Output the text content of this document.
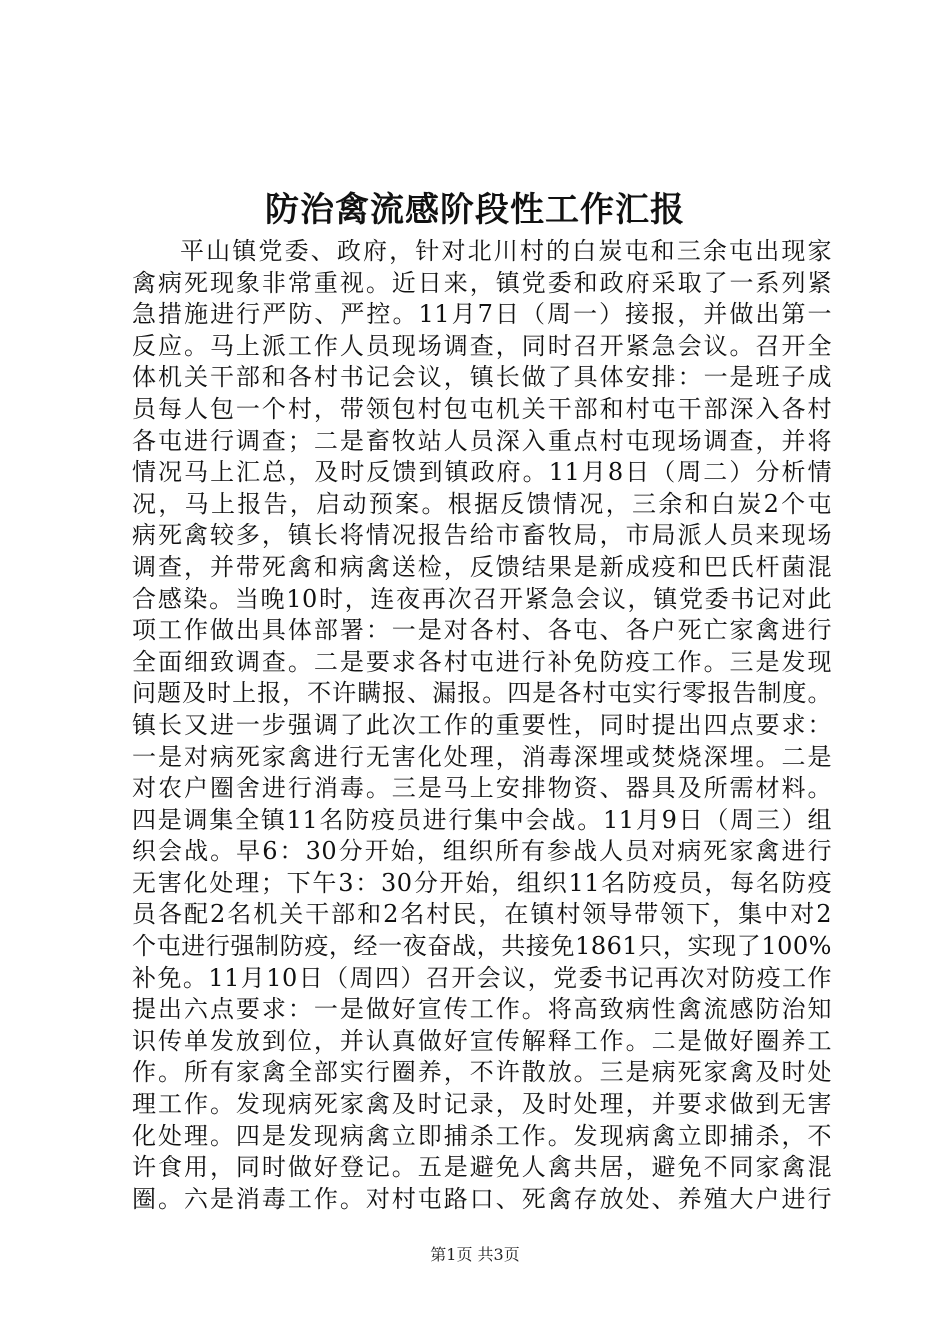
防治禽流感阶段性工作汇报
平山镇党委、政府，针对北川村的白炭屯和三余屯出现家
禽病死现象非常重视。近日来，镇党委和政府采取了一系列紧
急措施进行严防、严控。11月7日（周一）接报，并做出第一
反应。马上派工作人员现场调查，同时召开紧急会议。召开全
体机关干部和各村书记会议，镇长做了具体安排：一是班子成
员每人包一个村，带领包村包屯机关干部和村屯干部深入各村
各屯进行调查；二是畜牧站人员深入重点村屯现场调查，并将
情况马上汇总，及时反馈到镇政府。11月8日（周二）分析情
况，马上报告，启动预案。根据反馈情况，三余和白炭2个屯
病死禽较多，镇长将情况报告给市畜牧局，市局派人员来现场
调查，并带死禽和病禽送检，反馈结果是新成疫和巴氏杆菌混
合感染。当晚10时，连夜再次召开紧急会议，镇党委书记对此
项工作做出具体部署：一是对各村、各屯、各户死亡家禽进行
全面细致调查。二是要求各村屯进行补免防疫工作。三是发现
问题及时上报，不许瞒报、漏报。四是各村屯实行零报告制度。
镇长又进一步强调了此次工作的重要性，同时提出四点要求：
一是对病死家禽进行无害化处理，消毒深埋或焚烧深埋。二是
对农户圈舍进行消毒。三是马上安排物资、器具及所需材料。
四是调集全镇11名防疫员进行集中会战。11月9日（周三）组
织会战。早6：30分开始，组织所有参战人员对病死家禽进行
无害化处理；下午3：30分开始，组织11名防疫员，每名防疫
员各配2名机关干部和2名村民，在镇村领导带领下，集中对2
个屯进行强制防疫，经一夜奋战，共接免1861只，实现了100%
补免。11月10日（周四）召开会议，党委书记再次对防疫工作
提出六点要求：一是做好宣传工作。将高致病性禽流感防治知
识传单发放到位，并认真做好宣传解释工作。二是做好圈养工
作。所有家禽全部实行圈养，不许散放。三是病死家禽及时处
理工作。发现病死家禽及时记录，及时处理，并要求做到无害
化处理。四是发现病禽立即捕杀工作。发现病禽立即捕杀，不
许食用，同时做好登记。五是避免人禽共居，避免不同家禽混
圈。六是消毒工作。对村屯路口、死禽存放处、养殖大户进行
第1页 共3页
